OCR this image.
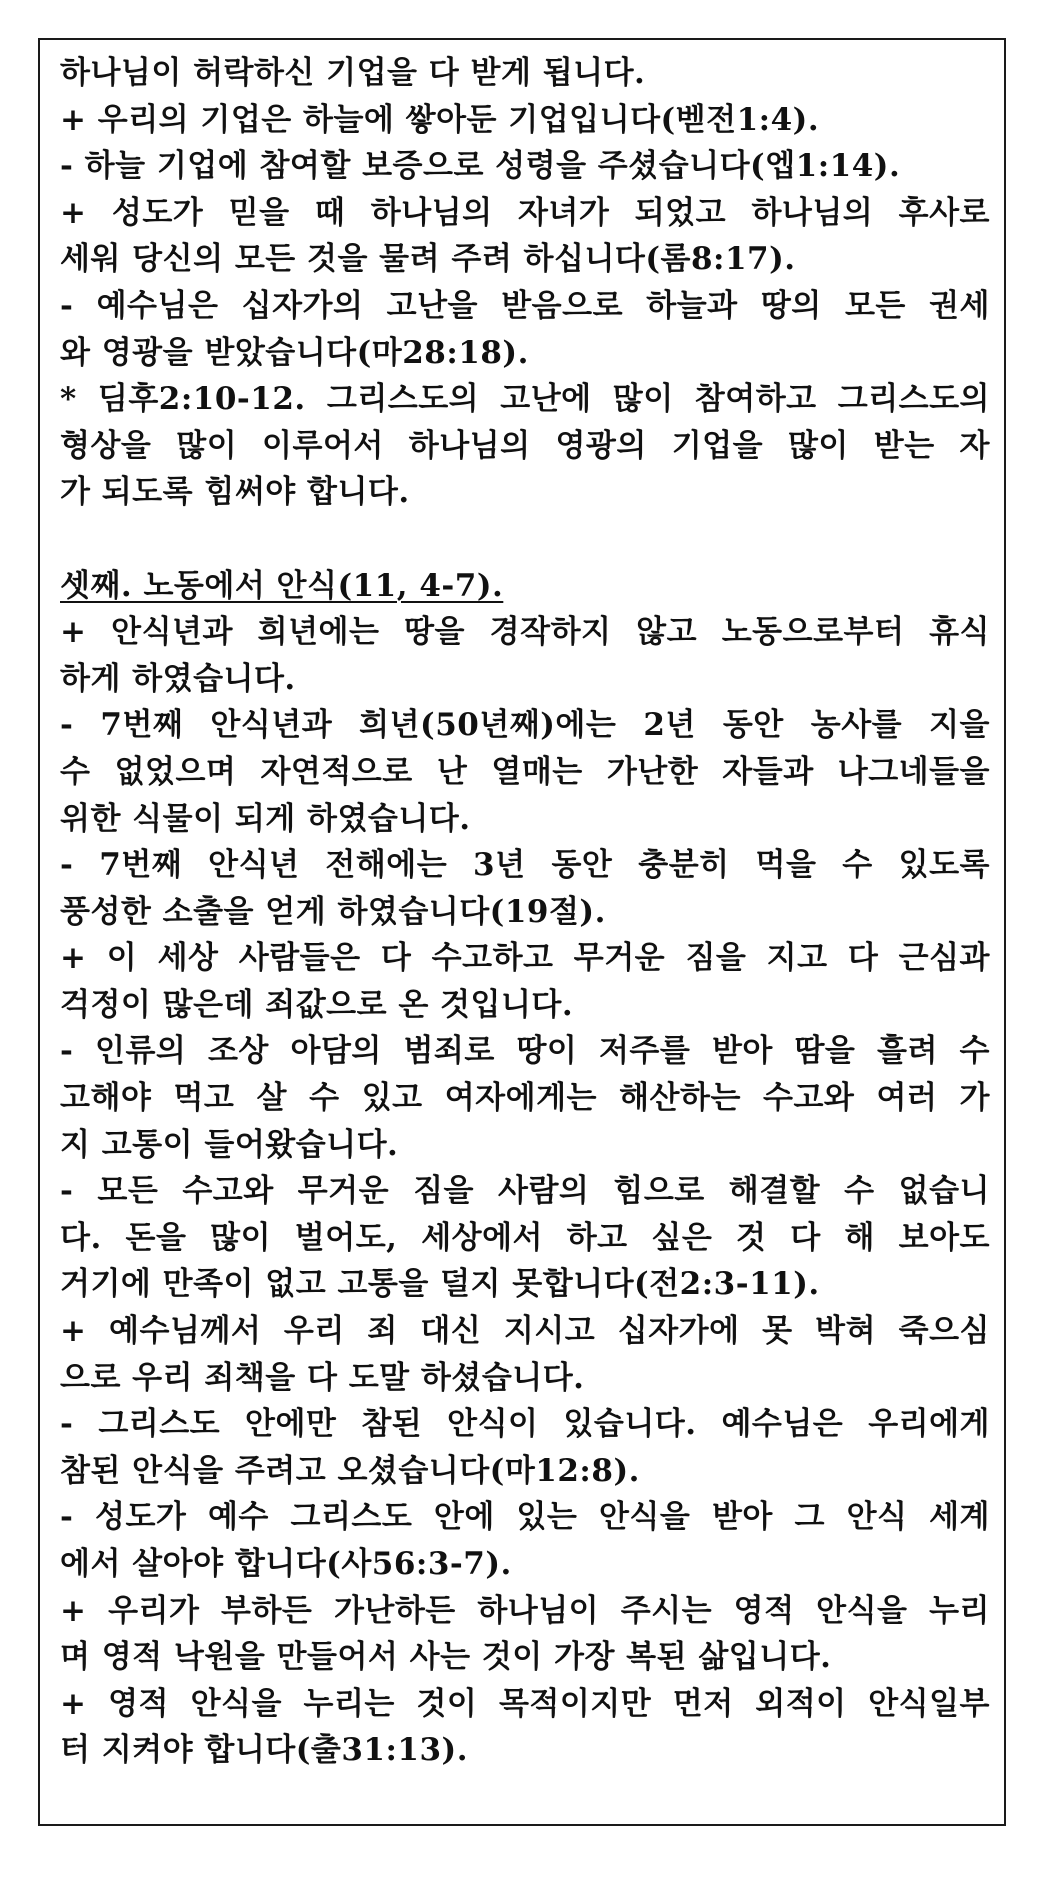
하나님이 허락하신 기업을 다 받게 됩니다.
+ 우리의 기업은 하늘에 쌓아둔 기업입니다(벧전1:4).
- 하늘 기업에 참여할 보증으로 성령을 주셨습니다(엡1:14).
+ 성도가 믿을 때 하나님의 자녀가 되었고 하나님의 후사로
세워 당신의 모든 것을 물려 주려 하십니다(롬8:17).
- 예수님은 십자가의 고난을 받음으로 하늘과 땅의 모든 권세
와 영광을 받았습니다(마28:18).
* 딤후2:10-12. 그리스도의 고난에 많이 참여하고 그리스도의
형상을 많이 이루어서 하나님의 영광의 기업을 많이 받는 자
가 되도록 힘써야 합니다.
셋째. 노동에서 안식(11, 4-7).
+ 안식년과 희년에는 땅을 경작하지 않고 노동으로부터 휴식
하게 하였습니다.
- 7번째 안식년과 희년(50년째)에는 2년 동안 농사를 지을
수 없었으며 자연적으로 난 열매는 가난한 자들과 나그네들을
위한 식물이 되게 하였습니다.
- 7번째 안식년 전해에는 3년 동안 충분히 먹을 수 있도록
풍성한 소출을 얻게 하였습니다(19절).
+ 이 세상 사람들은 다 수고하고 무거운 짐을 지고 다 근심과
걱정이 많은데 죄값으로 온 것입니다.
- 인류의 조상 아담의 범죄로 땅이 저주를 받아 땀을 흘려 수
고해야 먹고 살 수 있고 여자에게는 해산하는 수고와 여러 가
지 고통이 들어왔습니다.
- 모든 수고와 무거운 짐을 사람의 힘으로 해결할 수 없습니
다. 돈을 많이 벌어도, 세상에서 하고 싶은 것 다 해 보아도
거기에 만족이 없고 고통을 덜지 못합니다(전2:3-11).
+ 예수님께서 우리 죄 대신 지시고 십자가에 못 박혀 죽으심
으로 우리 죄책을 다 도말 하셨습니다.
- 그리스도 안에만 참된 안식이 있습니다. 예수님은 우리에게
참된 안식을 주려고 오셨습니다(마12:8).
- 성도가 예수 그리스도 안에 있는 안식을 받아 그 안식 세계
에서 살아야 합니다(사56:3-7).
+ 우리가 부하든 가난하든 하나님이 주시는 영적 안식을 누리
며 영적 낙원을 만들어서 사는 것이 가장 복된 삶입니다.
+ 영적 안식을 누리는 것이 목적이지만 먼저 외적이 안식일부
터 지켜야 합니다(출31:13).
